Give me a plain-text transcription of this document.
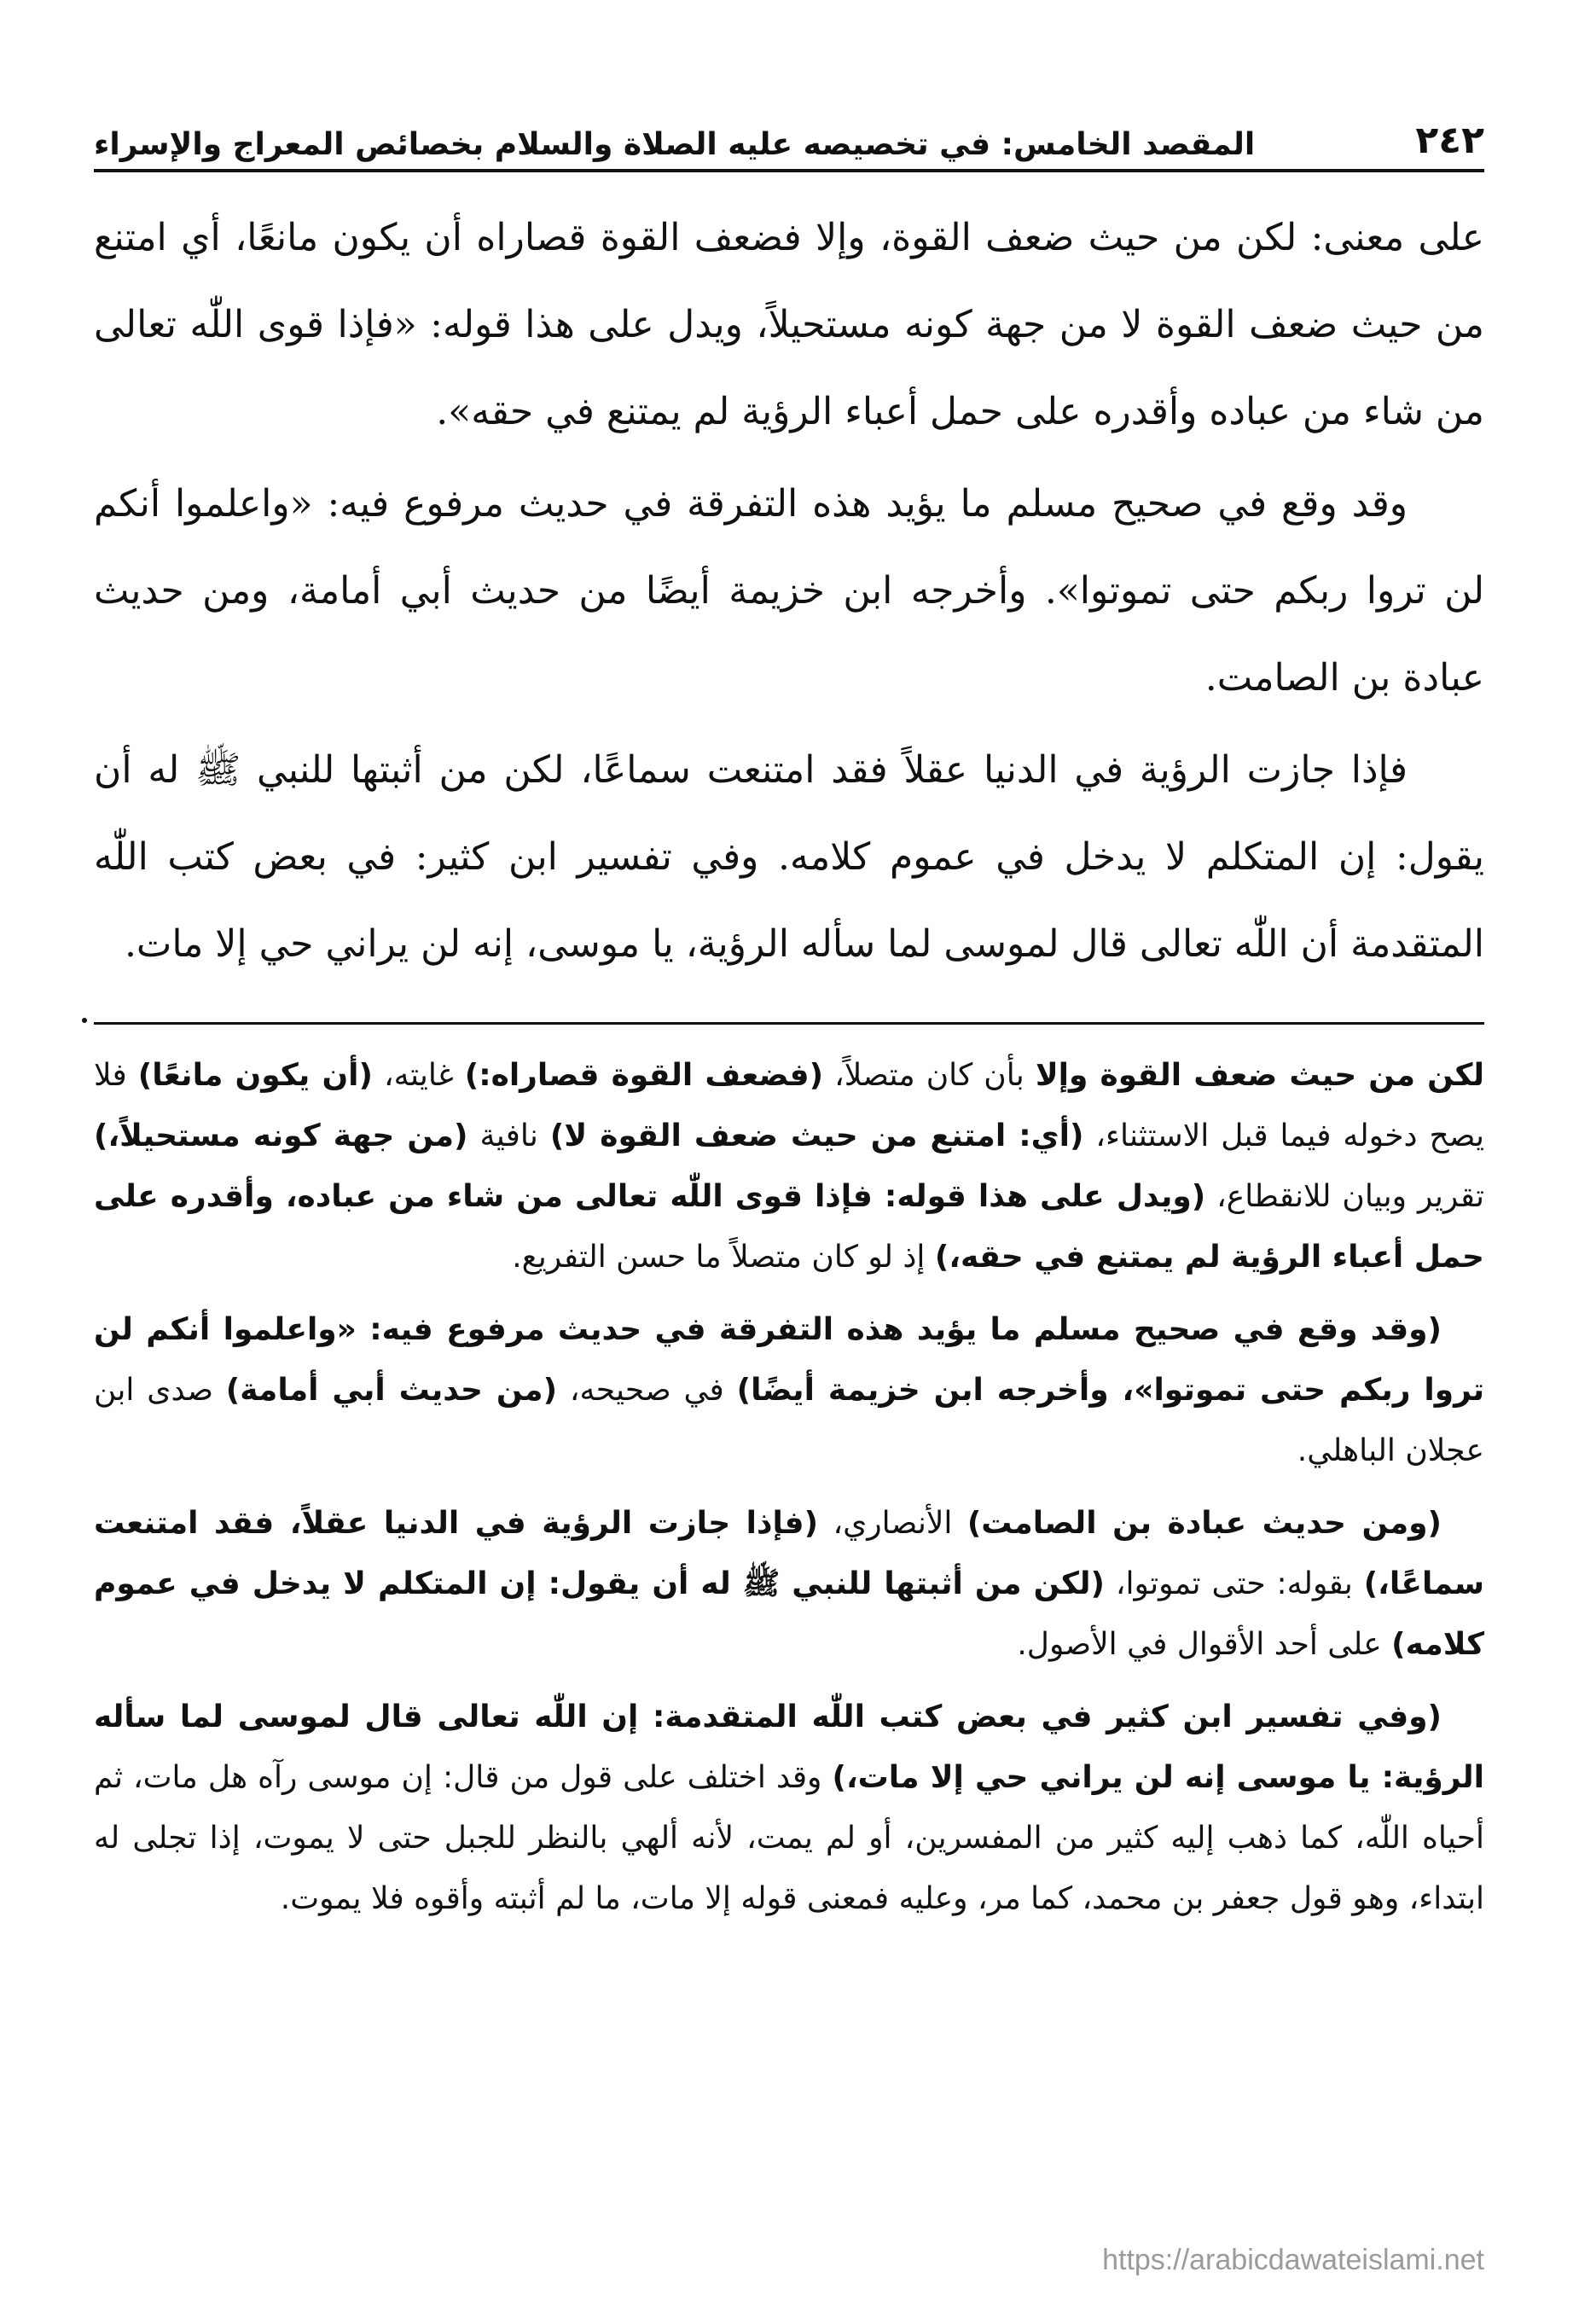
٢٤٢
المقصد الخامس: في تخصيصه عليه الصلاة والسلام بخصائص المعراج والإسراء

على معنى: لكن من حيث ضعف القوة، وإلا فضعف القوة قصاراه أن يكون مانعًا، أي امتنع من حيث ضعف القوة لا من جهة كونه مستحيلاً، ويدل على هذا قوله: «فإذا قوى اللّٰه تعالى من شاء من عباده وأقدره على حمل أعباء الرؤية لم يمتنع في حقه».

وقد وقع في صحيح مسلم ما يؤيد هذه التفرقة في حديث مرفوع فيه: «واعلموا أنكم لن تروا ربكم حتى تموتوا». وأخرجه ابن خزيمة أيضًا من حديث أبي أمامة، ومن حديث عبادة بن الصامت.

فإذا جازت الرؤية في الدنيا عقلاً فقد امتنعت سماعًا، لكن من أثبتها للنبي ﷺ له أن يقول: إن المتكلم لا يدخل في عموم كلامه. وفي تفسير ابن كثير: في بعض كتب اللّٰه المتقدمة أن اللّٰه تعالى قال لموسى لما سأله الرؤية، يا موسى، إنه لن يراني حي إلا مات.

لكن من حيث ضعف القوة وإلا بأن كان متصلاً، (فضعف القوة قصاراه:) غايته، (أن يكون مانعًا) فلا يصح دخوله فيما قبل الاستثناء، (أي: امتنع من حيث ضعف القوة لا) نافية (من جهة كونه مستحيلاً،) تقرير وبيان للانقطاع، (ويدل على هذا قوله: فإذا قوى اللّٰه تعالى من شاء من عباده، وأقدره على حمل أعباء الرؤية لم يمتنع في حقه،) إذ لو كان متصلاً ما حسن التفريع.

(وقد وقع في صحيح مسلم ما يؤيد هذه التفرقة في حديث مرفوع فيه: «واعلموا أنكم لن تروا ربكم حتى تموتوا»، وأخرجه ابن خزيمة أيضًا) في صحيحه، (من حديث أبي أمامة) صدى ابن عجلان الباهلي.

(ومن حديث عبادة بن الصامت) الأنصاري، (فإذا جازت الرؤية في الدنيا عقلاً، فقد امتنعت سماعًا،) بقوله: حتى تموتوا، (لكن من أثبتها للنبي ﷺ له أن يقول: إن المتكلم لا يدخل في عموم كلامه) على أحد الأقوال في الأصول.

(وفي تفسير ابن كثير في بعض كتب اللّٰه المتقدمة: إن اللّٰه تعالى قال لموسى لما سأله الرؤية: يا موسى إنه لن يراني حي إلا مات،) وقد اختلف على قول من قال: إن موسى رآه هل مات، ثم أحياه اللّٰه، كما ذهب إليه كثير من المفسرين، أو لم يمت، لأنه ألهي بالنظر للجبل حتى لا يموت، إذا تجلى له ابتداء، وهو قول جعفر بن محمد، كما مر، وعليه فمعنى قوله إلا مات، ما لم أثبته وأقوه فلا يموت.

https://arabicdawateislami.net
